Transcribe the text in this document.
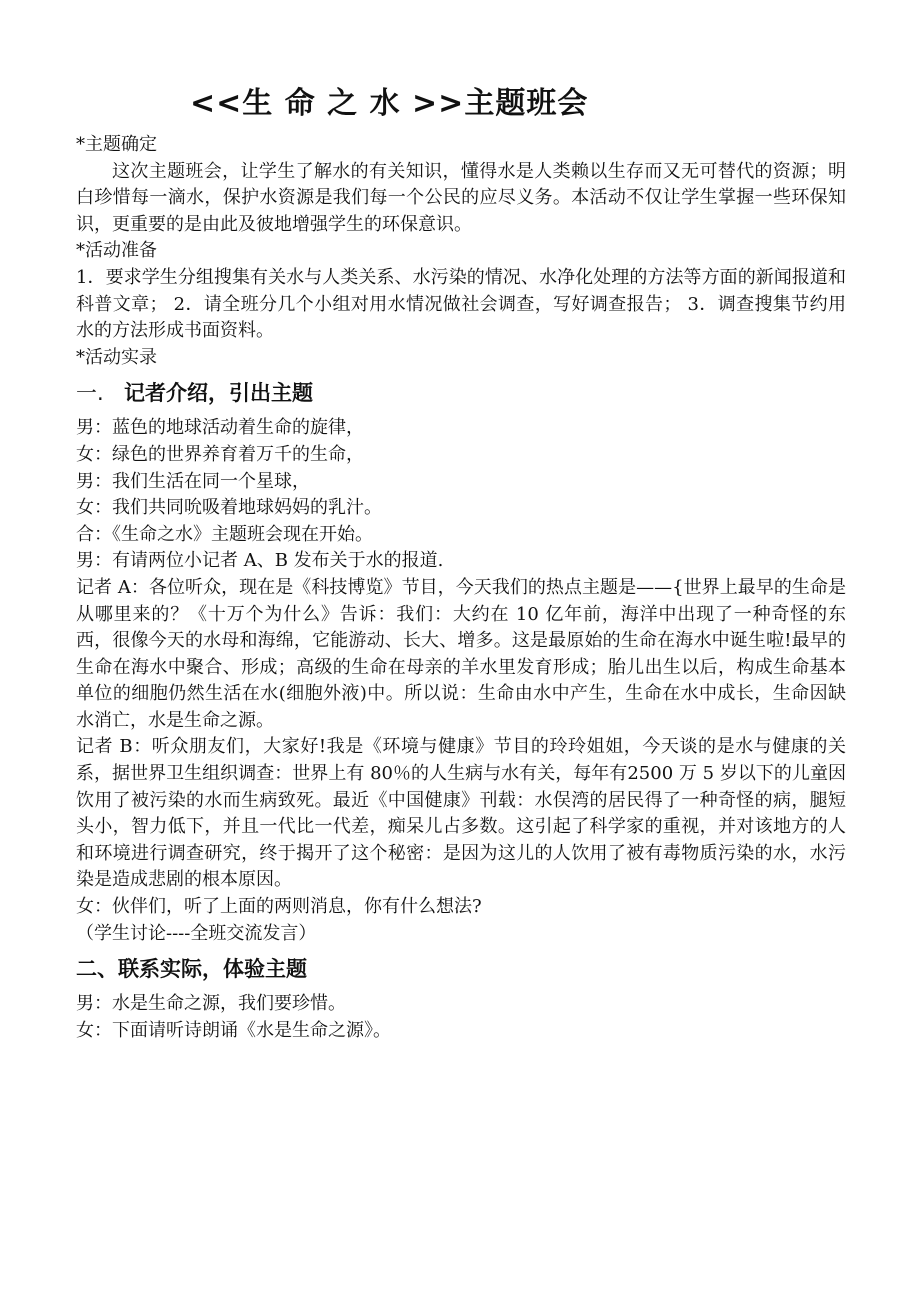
<<生 命 之 水 >>主题班会

*主题确定

这次主题班会，让学生了解水的有关知识，懂得水是人类赖以生存而又无可替代的资源；明白珍惜每一滴水，保护水资源是我们每一个公民的应尽义务。本活动不仅让学生掌握一些环保知识，更重要的是由此及彼地增强学生的环保意识。

*活动准备

1．要求学生分组搜集有关水与人类关系、水污染的情况、水净化处理的方法等方面的新闻报道和科普文章； 2．请全班分几个小组对用水情况做社会调查，写好调查报告； 3．调查搜集节约用水的方法形成书面资料。

*活动实录

一. 记者介绍，引出主题

男：蓝色的地球活动着生命的旋律，

女：绿色的世界养育着万千的生命，

男：我们生活在同一个星球，

女：我们共同吮吸着地球妈妈的乳汁。

合：《生命之水》主题班会现在开始。

男：有请两位小记者 A、B 发布关于水的报道.

记者 A：各位听众，现在是《科技博览》节目，今天我们的热点主题是——{世界上最早的生命是从哪里来的？《十万个为什么》告诉：我们：大约在 10 亿年前，海洋中出现了一种奇怪的东西，很像今天的水母和海绵，它能游动、长大、增多。这是最原始的生命在海水中诞生啦!最早的生命在海水中聚合、形成；高级的生命在母亲的羊水里发育形成；胎儿出生以后，构成生命基本单位的细胞仍然生活在水(细胞外液)中。所以说：生命由水中产生，生命在水中成长，生命因缺水消亡，水是生命之源。

记者 B：听众朋友们，大家好!我是《环境与健康》节目的玲玲姐姐，今天谈的是水与健康的关系，据世界卫生组织调查：世界上有 80％的人生病与水有关，每年有2500 万 5 岁以下的儿童因饮用了被污染的水而生病致死。最近《中国健康》刊载：水俣湾的居民得了一种奇怪的病，腿短头小，智力低下，并且一代比一代差，痴呆儿占多数。这引起了科学家的重视，并对该地方的人和环境进行调查研究，终于揭开了这个秘密：是因为这儿的人饮用了被有毒物质污染的水，水污染是造成悲剧的根本原因。

女：伙伴们，听了上面的两则消息，你有什么想法?

（学生讨论----全班交流发言）

二、联系实际，体验主题

男：水是生命之源，我们要珍惜。

女：下面请听诗朗诵《水是生命之源》。
